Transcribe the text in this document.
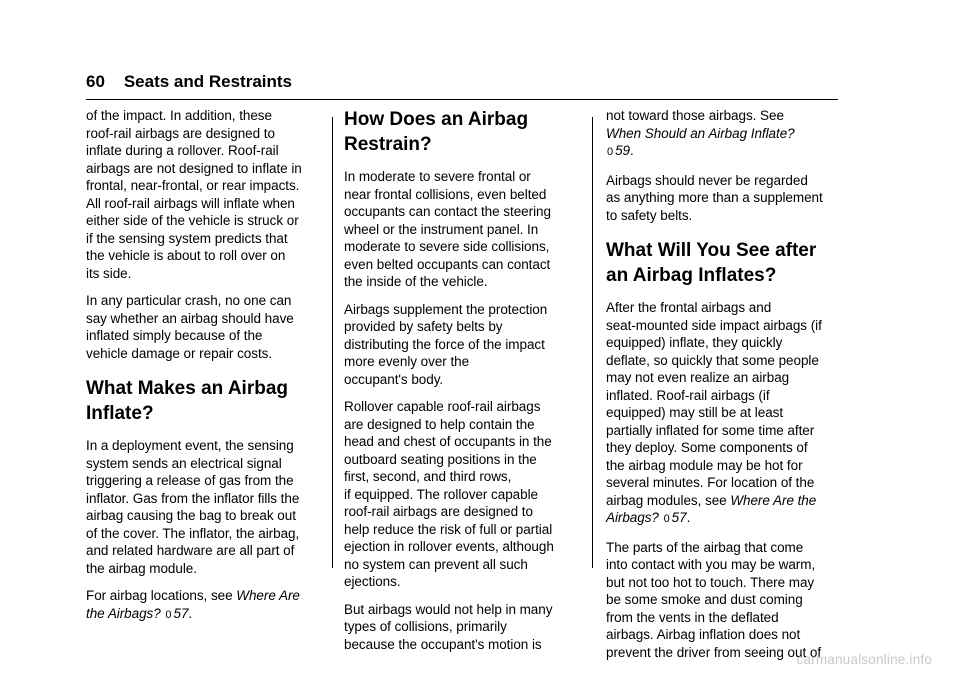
60 Seats and Restraints

of the impact. In addition, these
roof-rail airbags are designed to
inflate during a rollover. Roof-rail
airbags are not designed to inflate in
frontal, near-frontal, or rear impacts.
All roof-rail airbags will inflate when
either side of the vehicle is struck or
if the sensing system predicts that
the vehicle is about to roll over on
its side.

In any particular crash, no one can
say whether an airbag should have
inflated simply because of the
vehicle damage or repair costs.

What Makes an Airbag
Inflate?

In a deployment event, the sensing
system sends an electrical signal
triggering a release of gas from the
inflator. Gas from the inflator fills the
airbag causing the bag to break out
of the cover. The inflator, the airbag,
and related hardware are all part of
the airbag module.

For airbag locations, see Where Are
the Airbags? 0 57.

How Does an Airbag
Restrain?

In moderate to severe frontal or
near frontal collisions, even belted
occupants can contact the steering
wheel or the instrument panel. In
moderate to severe side collisions,
even belted occupants can contact
the inside of the vehicle.

Airbags supplement the protection
provided by safety belts by
distributing the force of the impact
more evenly over the
occupant's body.

Rollover capable roof-rail airbags
are designed to help contain the
head and chest of occupants in the
outboard seating positions in the
first, second, and third rows,
if equipped. The rollover capable
roof-rail airbags are designed to
help reduce the risk of full or partial
ejection in rollover events, although
no system can prevent all such
ejections.

But airbags would not help in many
types of collisions, primarily
because the occupant's motion is

not toward those airbags. See
When Should an Airbag Inflate?
0 59.

Airbags should never be regarded
as anything more than a supplement
to safety belts.

What Will You See after
an Airbag Inflates?

After the frontal airbags and
seat-mounted side impact airbags (if
equipped) inflate, they quickly
deflate, so quickly that some people
may not even realize an airbag
inflated. Roof-rail airbags (if
equipped) may still be at least
partially inflated for some time after
they deploy. Some components of
the airbag module may be hot for
several minutes. For location of the
airbag modules, see Where Are the
Airbags? 0 57.

The parts of the airbag that come
into contact with you may be warm,
but not too hot to touch. There may
be some smoke and dust coming
from the vents in the deflated
airbags. Airbag inflation does not
prevent the driver from seeing out of

carmanualsonline.info
